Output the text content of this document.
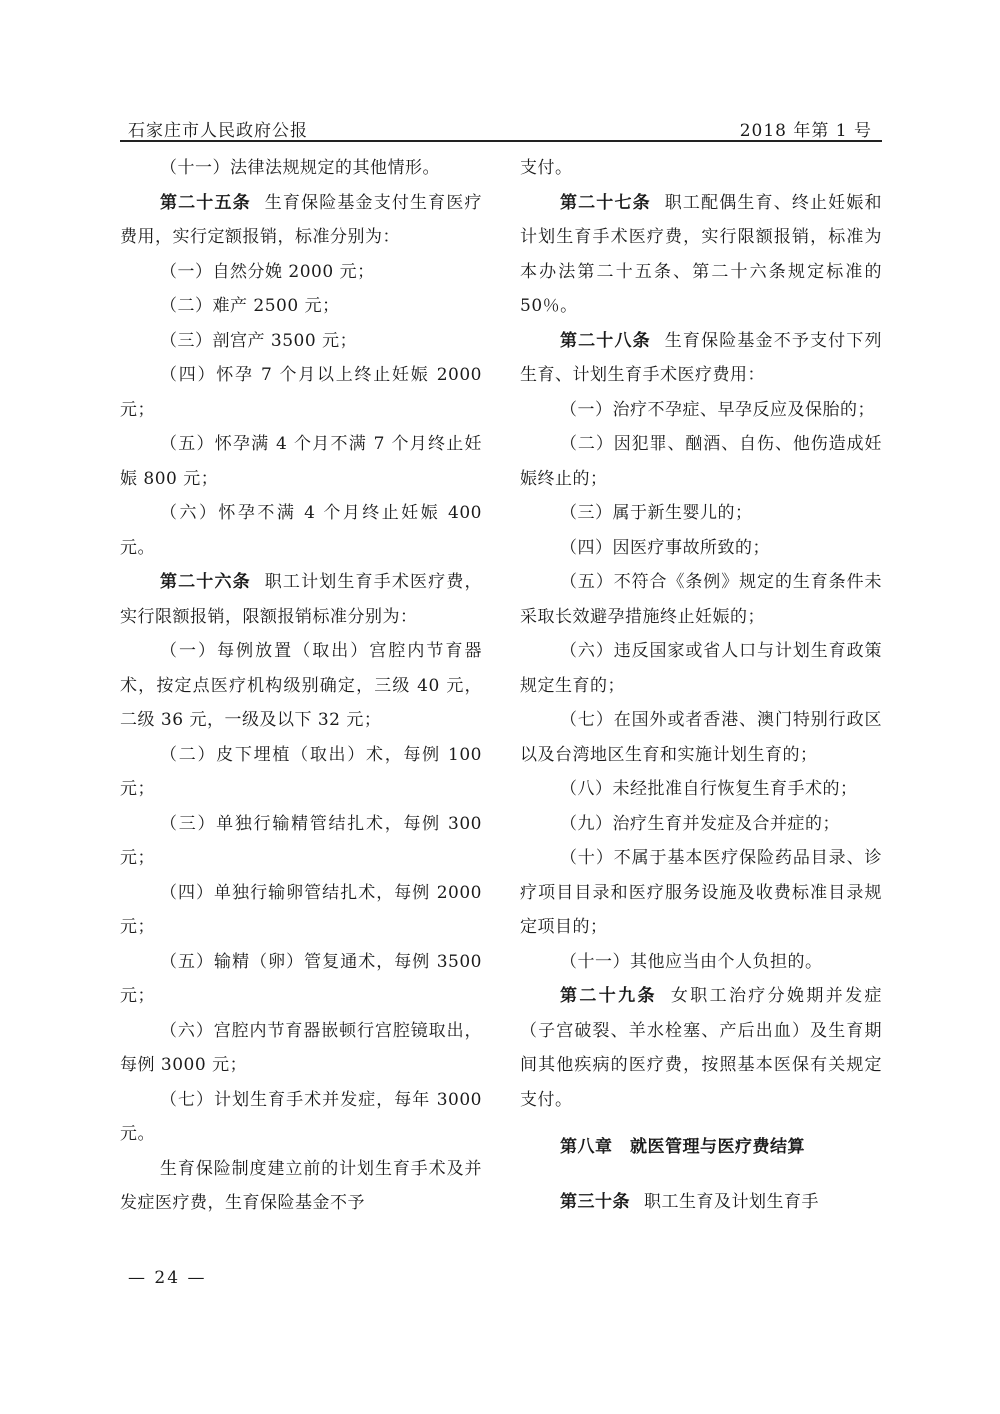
石家庄市人民政府公报	2018 年第 1 号

（十一）法律法规规定的其他情形。

第二十五条 生育保险基金支付生育医疗费用，实行定额报销，标准分别为：

（一）自然分娩 2000 元；

（二）难产 2500 元；

（三）剖宫产 3500 元；

（四）怀孕 7 个月以上终止妊娠 2000 元；

（五）怀孕满 4 个月不满 7 个月终止妊娠 800 元；

（六）怀孕不满 4 个月终止妊娠 400 元。

第二十六条 职工计划生育手术医疗费，实行限额报销，限额报销标准分别为：

（一）每例放置（取出）宫腔内节育器术，按定点医疗机构级别确定，三级 40 元，二级 36 元，一级及以下 32 元；

（二）皮下埋植（取出）术，每例 100 元；

（三）单独行输精管结扎术，每例 300 元；

（四）单独行输卵管结扎术，每例 2000 元；

（五）输精（卵）管复通术，每例 3500 元；

（六）宫腔内节育器嵌顿行宫腔镜取出，每例 3000 元；

（七）计划生育手术并发症，每年 3000 元。

生育保险制度建立前的计划生育手术及并发症医疗费，生育保险基金不予

支付。

第二十七条 职工配偶生育、终止妊娠和计划生育手术医疗费，实行限额报销，标准为本办法第二十五条、第二十六条规定标准的 50％。

第二十八条 生育保险基金不予支付下列生育、计划生育手术医疗费用：

（一）治疗不孕症、早孕反应及保胎的；

（二）因犯罪、酗酒、自伤、他伤造成妊娠终止的；

（三）属于新生婴儿的；

（四）因医疗事故所致的；

（五）不符合《条例》规定的生育条件未采取长效避孕措施终止妊娠的；

（六）违反国家或省人口与计划生育政策规定生育的；

（七）在国外或者香港、澳门特别行政区以及台湾地区生育和实施计划生育的；

（八）未经批准自行恢复生育手术的；

（九）治疗生育并发症及合并症的；

（十）不属于基本医疗保险药品目录、诊疗项目目录和医疗服务设施及收费标准目录规定项目的；

（十一）其他应当由个人负担的。

第二十九条 女职工治疗分娩期并发症（子宫破裂、羊水栓塞、产后出血）及生育期间其他疾病的医疗费，按照基本医保有关规定支付。

第八章　就医管理与医疗费结算

第三十条 职工生育及计划生育手

— 24 —
